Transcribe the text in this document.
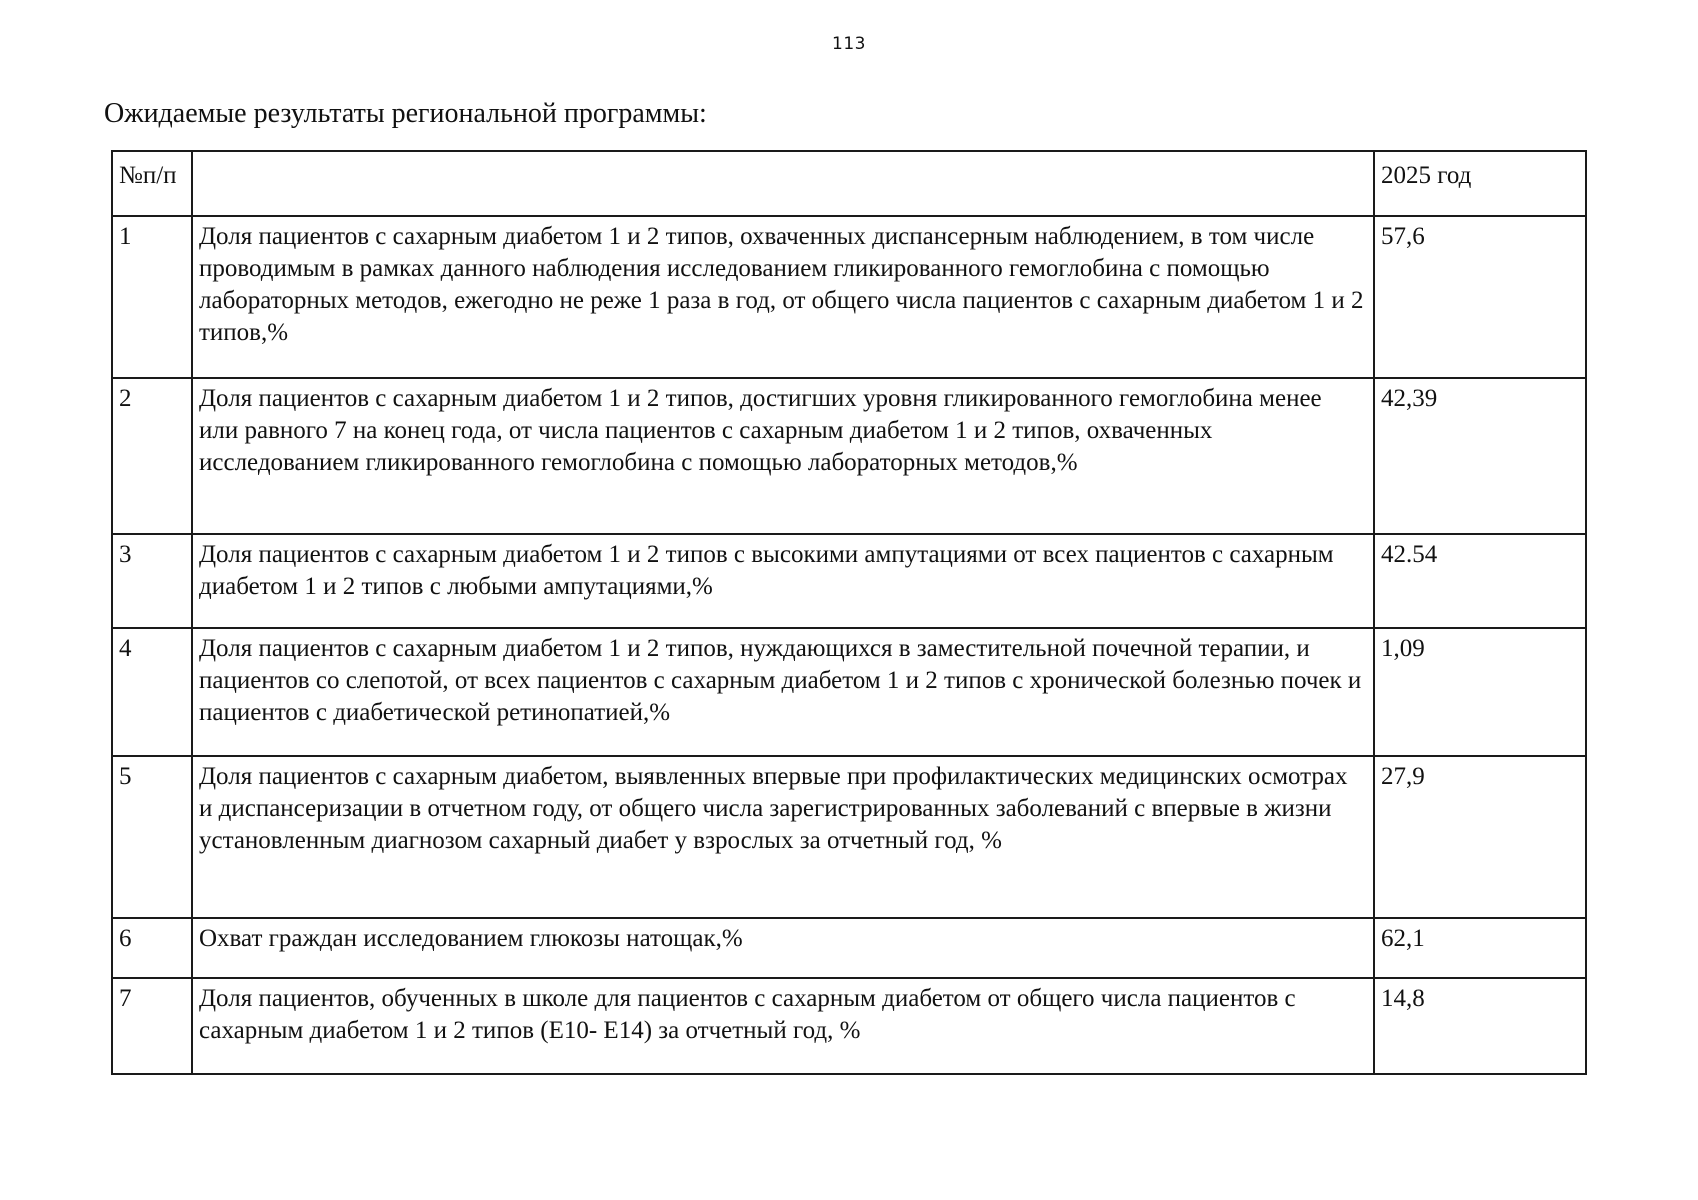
113
Ожидаемые результаты региональной программы:
№п/п		2025 год
1	Доля пациентов с сахарным диабетом 1 и 2 типов, охваченных диспансерным наблюдением, в том числе проводимым в рамках данного наблюдения исследованием гликированного гемоглобина с помощью лабораторных методов, ежегодно не реже 1 раза в год, от общего числа пациентов с сахарным диабетом 1 и 2 типов,%	57,6
2	Доля пациентов с сахарным диабетом 1 и 2 типов, достигших уровня гликированного гемоглобина менее или равного 7 на конец года, от числа пациентов с сахарным диабетом 1 и 2 типов, охваченных исследованием гликированного гемоглобина с помощью лабораторных методов,%	42,39
3	Доля пациентов с сахарным диабетом 1 и 2 типов с высокими ампутациями от всех пациентов с сахарным диабетом 1 и 2 типов с любыми ампутациями,%	42.54
4	Доля пациентов с сахарным диабетом 1 и 2 типов, нуждающихся в заместительной почечной терапии, и пациентов со слепотой, от всех пациентов с сахарным диабетом 1 и 2 типов с хронической болезнью почек и пациентов с диабетической ретинопатией,%	1,09
5	Доля пациентов с сахарным диабетом, выявленных впервые при профилактических медицинских осмотрах и диспансеризации в отчетном году, от общего числа зарегистрированных заболеваний с впервые в жизни установленным диагнозом сахарный диабет у взрослых за отчетный год, %	27,9
6	Охват граждан исследованием глюкозы натощак,%	62,1
7	Доля пациентов, обученных в школе для пациентов с сахарным диабетом от общего числа пациентов с сахарным диабетом 1 и 2 типов (Е10- Е14) за отчетный год, %	14,8
